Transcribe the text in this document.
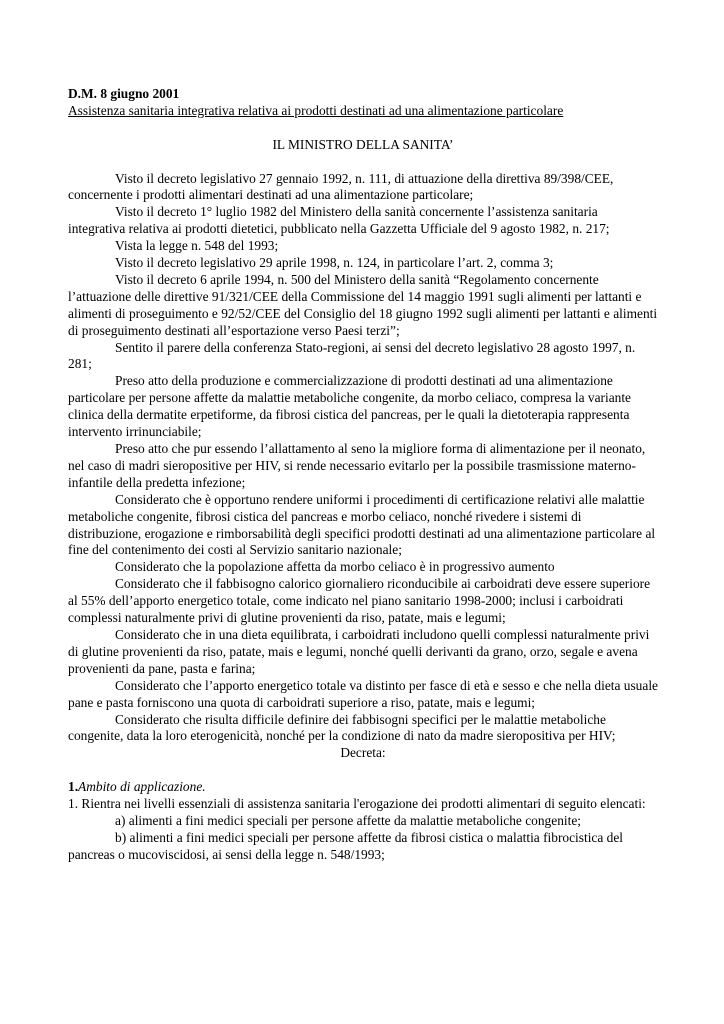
D.M. 8 giugno 2001
Assistenza sanitaria integrativa relativa ai prodotti destinati ad una alimentazione particolare
IL MINISTRO DELLA SANITA’

Visto il decreto legislativo 27 gennaio 1992, n. 111, di attuazione della direttiva 89/398/CEE, concernente i prodotti alimentari destinati ad una alimentazione particolare;

Visto il decreto 1° luglio 1982 del Ministero della sanità concernente l’assistenza sanitaria integrativa relativa ai prodotti dietetici, pubblicato nella Gazzetta Ufficiale del 9 agosto 1982, n. 217;

Vista la legge n. 548 del 1993;

Visto il decreto legislativo 29 aprile 1998, n. 124, in particolare l’art. 2, comma 3;

Visto il decreto 6 aprile 1994, n. 500 del Ministero della sanità “Regolamento concernente l’attuazione delle direttive 91/321/CEE della Commissione del 14 maggio 1991 sugli alimenti per lattanti e alimenti di proseguimento e 92/52/CEE del Consiglio del 18 giugno 1992 sugli alimenti per lattanti e alimenti di proseguimento destinati all’esportazione verso Paesi terzi”;

Sentito il parere della conferenza Stato-regioni, ai sensi del decreto legislativo 28 agosto 1997, n. 281;

Preso atto della produzione e commercializzazione di prodotti destinati ad una alimentazione particolare per persone affette da malattie metaboliche congenite, da morbo celiaco, compresa la variante clinica della dermatite erpetiforme, da fibrosi cistica del pancreas, per le quali la dietoterapia rappresenta intervento irrinunciabile;

Preso atto che pur essendo l’allattamento al seno la migliore forma di alimentazione per il neonato, nel caso di madri sieropositive per HIV, si rende necessario evitarlo per la possibile trasmissione materno-infantile della predetta infezione;

Considerato che è opportuno rendere uniformi i procedimenti di certificazione relativi alle malattie metaboliche congenite, fibrosi cistica del pancreas e morbo celiaco, nonché rivedere i sistemi di distribuzione, erogazione e rimborsabilità degli specifici prodotti destinati ad una alimentazione particolare al fine del contenimento dei costi al Servizio sanitario nazionale;

Considerato che la popolazione affetta da morbo celiaco è in progressivo aumento

Considerato che il fabbisogno calorico giornaliero riconducibile ai carboidrati deve essere superiore al 55% dell’apporto energetico totale, come indicato nel piano sanitario 1998-2000; inclusi i carboidrati complessi naturalmente privi di glutine provenienti da riso, patate, mais e legumi;

Considerato che in una dieta equilibrata, i carboidrati includono quelli complessi naturalmente privi di glutine provenienti da riso, patate, mais e legumi, nonché quelli derivanti da grano, orzo, segale e avena provenienti da pane, pasta e farina;

Considerato che l’apporto energetico totale va distinto per fasce di età e sesso e che nella dieta usuale pane e pasta forniscono una quota di carboidrati superiore a riso, patate, mais e legumi;

Considerato che risulta difficile definire dei fabbisogni specifici per le malattie metaboliche congenite, data la loro eterogenicità, nonché per la condizione di nato da madre sieropositiva per HIV;

Decreta:

1.Ambito di applicazione.

1. Rientra nei livelli essenziali di assistenza sanitaria l'erogazione dei prodotti alimentari di seguito elencati:

a) alimenti a fini medici speciali per persone affette da malattie metaboliche congenite;

b) alimenti a fini medici speciali per persone affette da fibrosi cistica o malattia fibrocistica del pancreas o mucoviscidosi, ai sensi della legge n. 548/1993;
